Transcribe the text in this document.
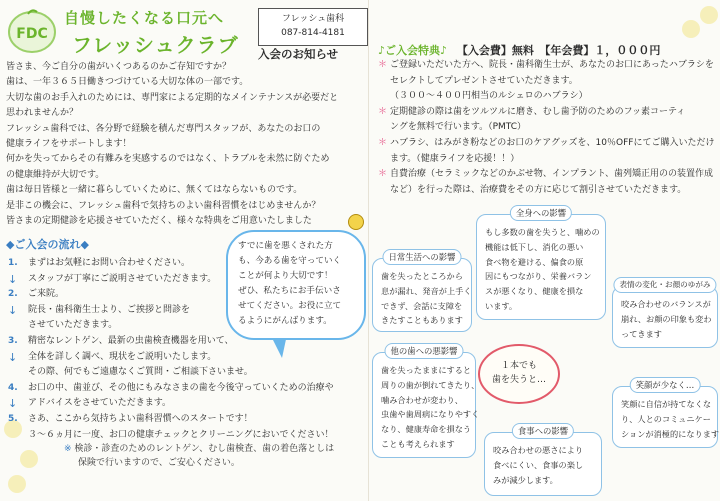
FDC
自慢したくなる口元へ
フレッシュクラブ
フレッシュ歯科
087-814-4181
入会のお知らせ
皆さま、今ご自分の歯がいくつあるのかご存知ですか？
歯は、一年３６５日働きつづけている大切な体の一部です。
大切な歯のお手入れのためには、専門家による定期的なメインテナンスが必要だと
思われませんか？
フレッシュ歯科では、各分野で経験を積んだ専門スタッフが、あなたのお口の
健康ライフをサポートします！
何かを失ってからその有難みを実感するのではなく、トラブルを未然に防ぐため
の健康維持が大切です。
歯は毎日皆様と一緒に暮らしていくために、無くてはならないものです。
是非この機会に、フレッシュ歯科で気持ちのよい歯科習慣をはじめませんか？
皆さまの定期健診を応援させていただく、様々な特典をご用意いたしました
◆ご入会の流れ◆
1. まずはお気軽にお問い合わせください。
↓ スタッフが丁寧にご説明させていただきます。
2. ご来院。
↓ 院長・歯科衛生士より、ご挨拶と問診を
させていただきます。
3. 精密なレントゲン、最新の虫歯検査機器を用いて、
↓ 全体を詳しく調べ、現状をご説明いたします。
その際、何でもご遠慮なくご質問・ご相談下さいませ。
4. お口の中、歯並び、その他にもみなさまの歯を今後守っていくための治療や
↓ アドバイスをさせていただきます。
5. さあ、ここから気持ちよい歯科習慣へのスタートです！
３〜６ヵ月に一度、お口の健康チェックとクリーニングにおいでください！
※ 検診・診査のためのレントゲン、むし歯検査、歯の着色落としは
保険で行いますので、ご安心ください。
すでに歯を悪くされた方
も、今ある歯を守っていく
ことが何より大切です！
ぜひ、私たちにお手伝いさ
せてください。お役に立て
るようにがんばります。
♪ご入会特典♪ 【入会費】無料　【年会費】１，０００円
＊ ご登録いただいた方へ、院長・歯科衛生士が、あなたのお口にあったハブラシを
セレクトしてプレゼントさせていただきます。
（３００〜４００円相当のルシェロのハブラシ）
＊ 定期健診の際は歯をツルツルに磨き、むし歯予防のためのフッ素コーティ
ングを無料で行います。（PMTC）
＊ ハブラシ、はみがき粉などのお口のケアグッズを、10％OFFにてご購入いただけ
ます。（健康ライフを応援！！）
＊ 自費治療（セラミックなどのかぶせ物、インプラント、歯列矯正用のの装置作成
など）を行った際は、治療費をその方に応じて割引させていただきます。
全身への影響
もし多数の歯を失うと、噛めの
機能は低下し、消化の悪い
食べ物を避ける、偏食の原
因にもつながり、栄養バラン
スが悪くなり、健康を損な
います。
日常生活への影響
歯を失ったところから
息が漏れ、発音が上手く
できず、会話に支障を
きたすこともあります
表情の変化・お顔のゆがみ
咬み合わせのバランスが
崩れ、お顔の印象も変わ
ってきます
他の歯への悪影響
歯を失ったままにすると
周りの歯が倒れてきたり、
噛み合わせが変わり、
虫歯や歯周病になりやすく
なり、健康寿命を損なう
ことも考えられます
１本でも
歯を失うと…	笑顔が少なく…
笑顔に自信が持てなくな
り、人とのコミュニケー
ションが消極的になります
食事への影響
咬み合わせの悪さにより
食べにくい、食事の楽し
みが減少します。
